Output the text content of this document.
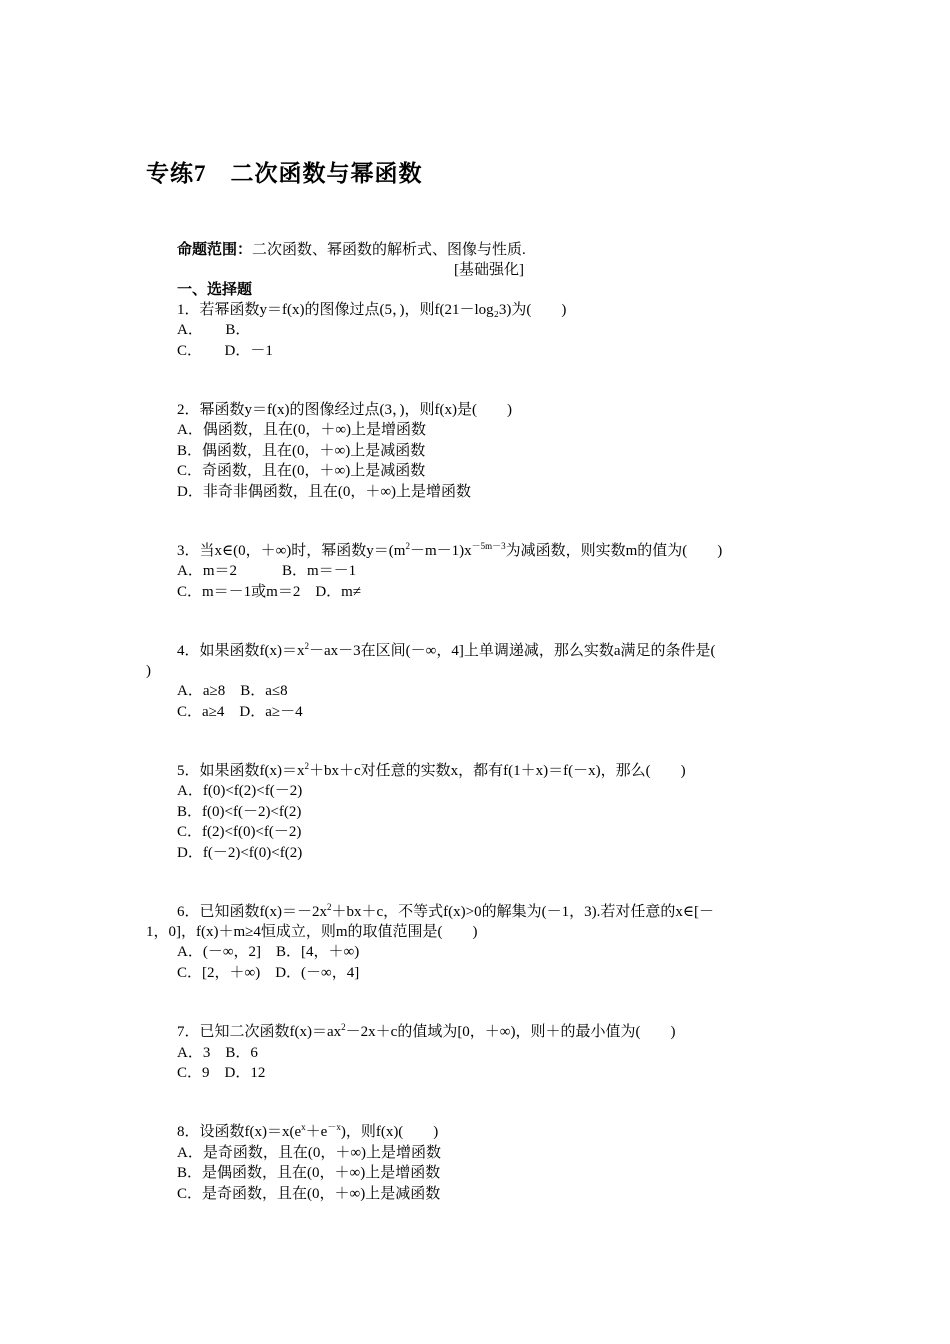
专练7　二次函数与幂函数
命题范围：二次函数、幂函数的解析式、图像与性质.
[基础强化]
一、选择题
1．若幂函数y＝f(x)的图像过点(5，)，则f(21－log₂3)为(　　)
A．　　B．
C．　　D．－1
2．幂函数y＝f(x)的图像经过点(3，)，则f(x)是(　　)
A．偶函数，且在(0，＋∞)上是增函数
B．偶函数，且在(0，＋∞)上是减函数
C．奇函数，且在(0，＋∞)上是减函数
D．非奇非偶函数，且在(0，＋∞)上是增函数
3．当x∈(0，＋∞)时，幂函数$y=(m^2-m-1)x^{-5m-3}$为减函数，则实数m的值为(　　)
A．m＝2　　　B．m＝－1
C．m＝－1或m＝2　D．m≠
4．如果函数$f(x)=x^2-ax-3$在区间(－∞，4]上单调递减，那么实数a满足的条件是(
)
A．a≥8　B．a≤8
C．a≥4　D．a≥－4
5．如果函数$f(x)=x^2+bx+c$对任意的实数x，都有f(1＋x)＝f(－x)，那么(　　)
A．f(0)<f(2)<f(－2)
B．f(0)<f(－2)<f(2)
C．f(2)<f(0)<f(－2)
D．f(－2)<f(0)<f(2)
6．已知函数$f(x)=-2x^2+bx+c$，不等式f(x)>0的解集为(－1，3).若对任意的x∈[－
1，0]，f(x)＋m≥4恒成立，则m的取值范围是(　　)
A．(－∞，2]　B．[4，＋∞)
C．[2，＋∞)　D．(－∞，4]
7．已知二次函数$f(x)=ax^2-2x+c$的值域为[0，＋∞)，则＋的最小值为(　　)
A．3　B．6
C．9　D．12
8．设函数$f(x)=x(e^x+e^{-x})$，则f(x)(　　)
A．是奇函数，且在(0，＋∞)上是增函数
B．是偶函数，且在(0，＋∞)上是增函数
C．是奇函数，且在(0，＋∞)上是减函数
